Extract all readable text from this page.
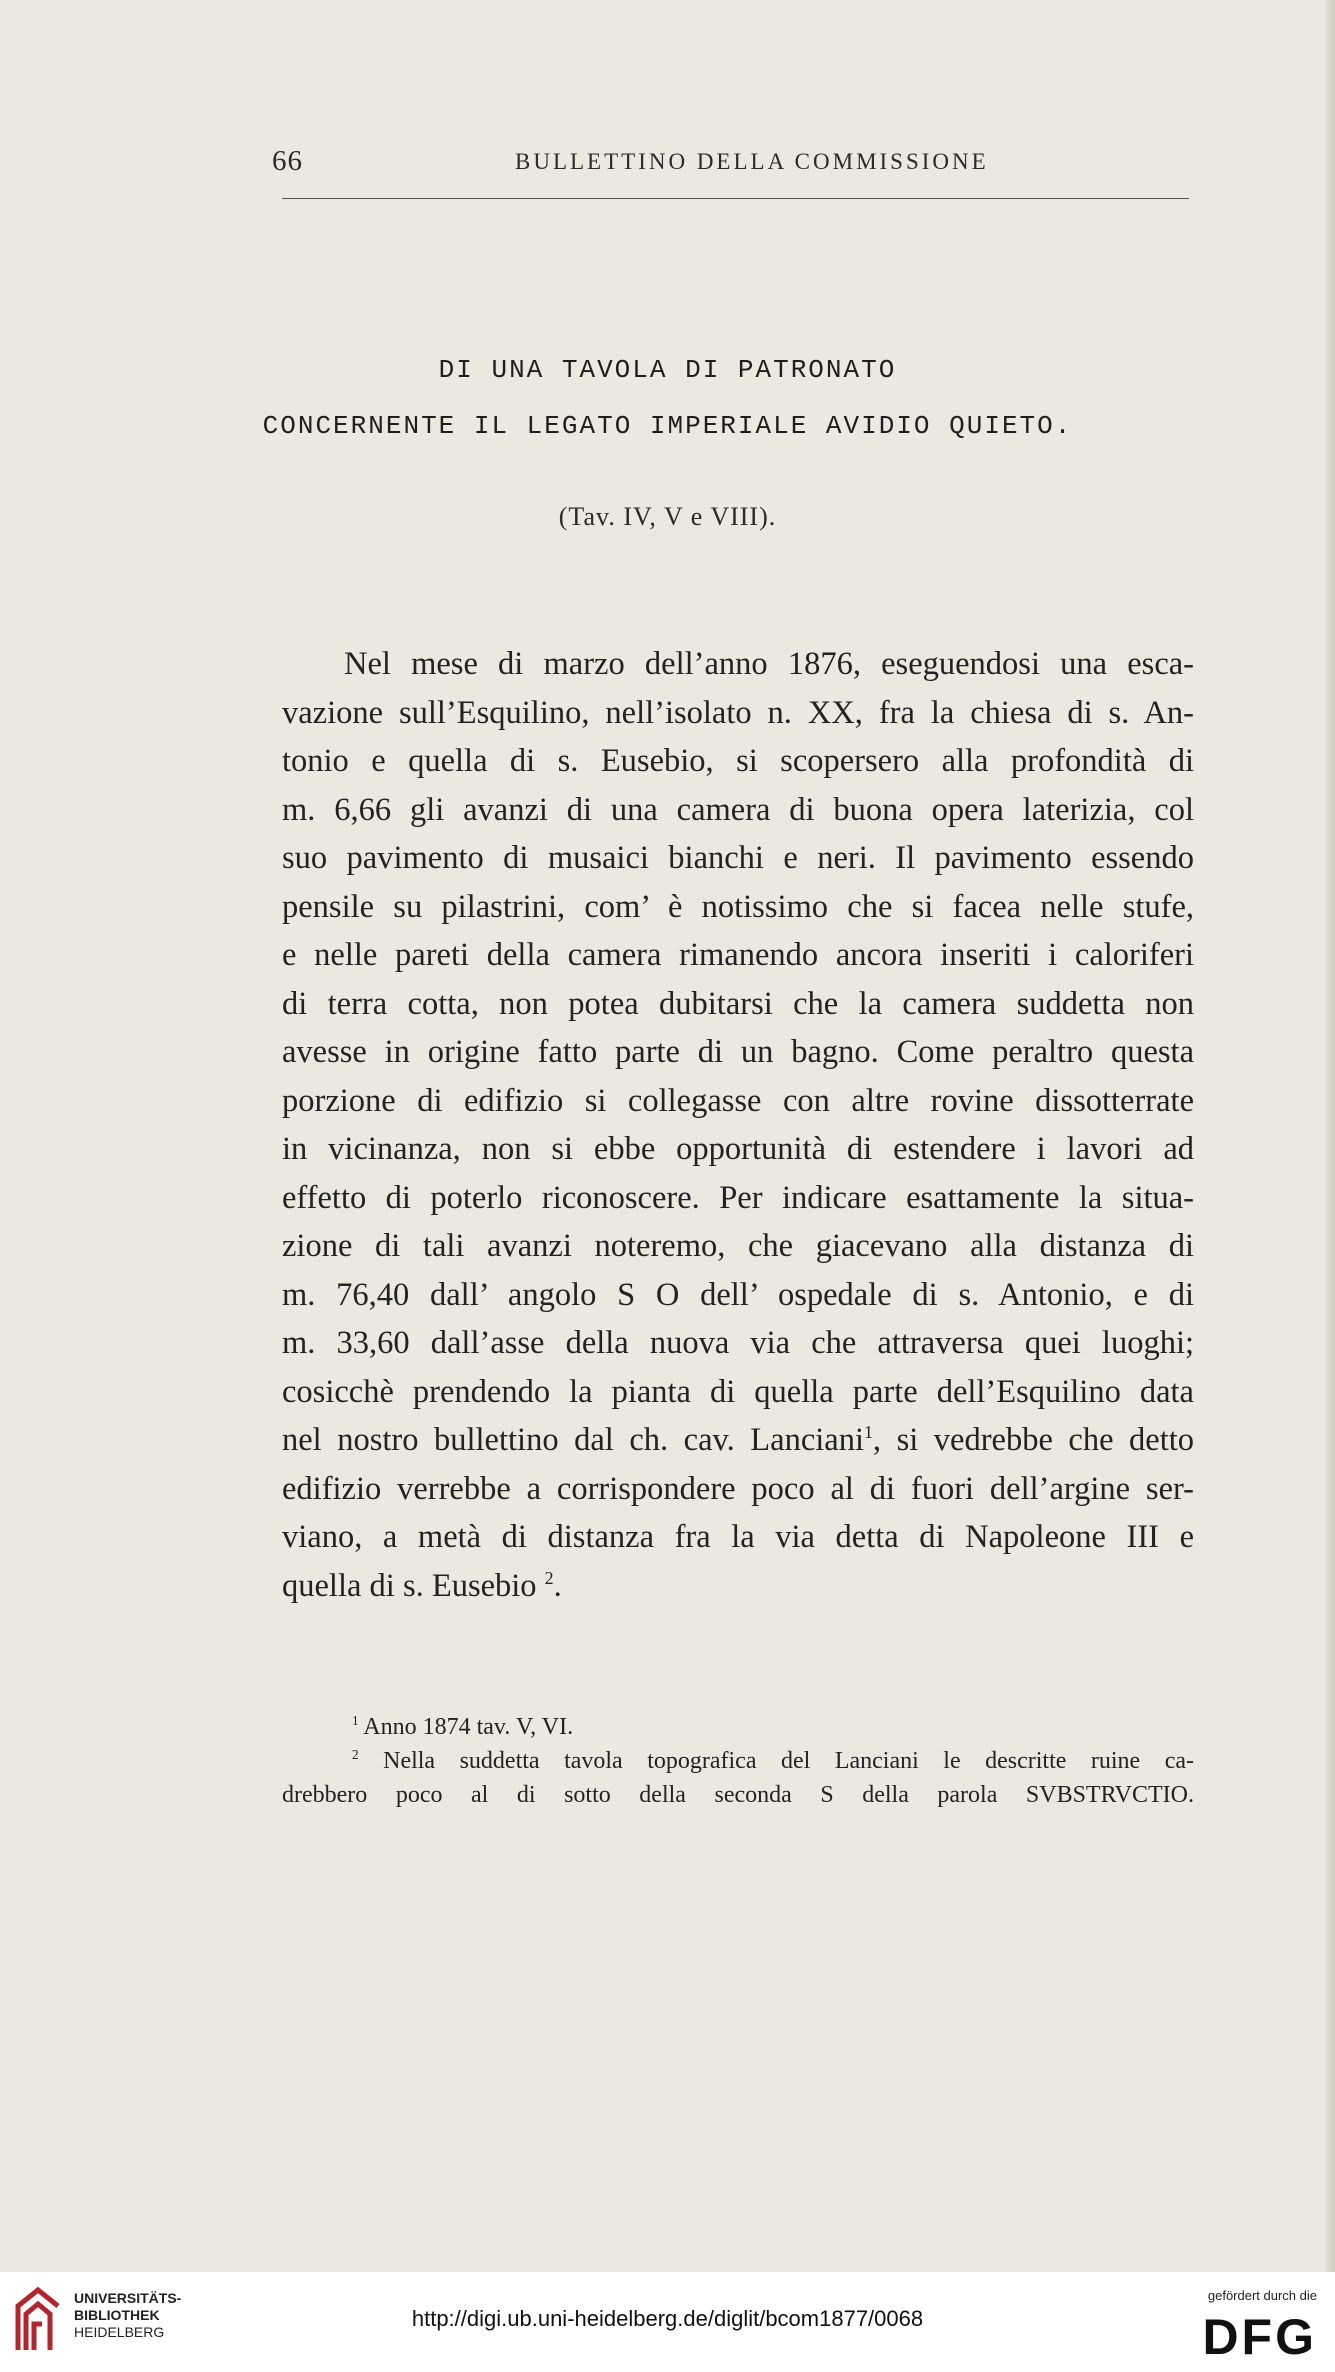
66	BULLETTINO DELLA COMMISSIONE
DI UNA TAVOLA DI PATRONATO
CONCERNENTE IL LEGATO IMPERIALE AVIDIO QUIETO.
(Tav. IV, V e VIII).
Nel mese di marzo dell’anno 1876, eseguendosi una esca-
vazione sull’Esquilino, nell’isolato n. XX, fra la chiesa di s. An-
tonio e quella di s. Eusebio, si scopersero alla profondità di
m. 6,66 gli avanzi di una camera di buona opera laterizia, col
suo pavimento di musaici bianchi e neri. Il pavimento essendo
pensile su pilastrini, com’ è notissimo che si facea nelle stufe,
e nelle pareti della camera rimanendo ancora inseriti i caloriferi
di terra cotta, non potea dubitarsi che la camera suddetta non
avesse in origine fatto parte di un bagno. Come peraltro questa
porzione di edifizio si collegasse con altre rovine dissotterrate
in vicinanza, non si ebbe opportunità di estendere i lavori ad
effetto di poterlo riconoscere. Per indicare esattamente la situa-
zione di tali avanzi noteremo, che giacevano alla distanza di
m. 76,40 dall’ angolo S O dell’ ospedale di s. Antonio, e di
m. 33,60 dall’asse della nuova via che attraversa quei luoghi;
cosicchè prendendo la pianta di quella parte dell’Esquilino data
nel nostro bullettino dal ch. cav. Lanciani$^1$, si vedrebbe che detto
edifizio verrebbe a corrispondere poco al di fuori dell’argine ser-
viano, a metà di distanza fra la via detta di Napoleone III e
quella di s. Eusebio $^2$.
$^1$ Anno 1874 tav. V, VI.
$^2$ Nella suddetta tavola topografica del Lanciani le descritte ruine ca-
drebbero poco al di sotto della seconda S della parola SVBSTRVCTIO.
UNIVERSITÄTS-
BIBLIOTHEK
HEIDELBERG
http://digi.ub.uni-heidelberg.de/diglit/bcom1877/0068
gefördert durch die
DFG
